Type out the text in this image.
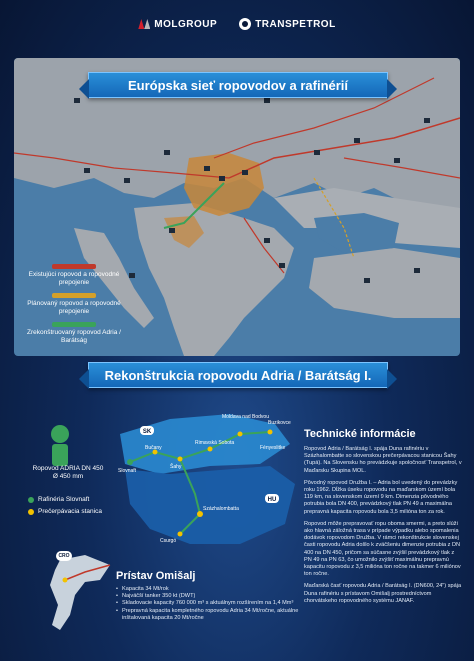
MOLGROUP	TRANSPETROL
Európska sieť ropovodov a rafinérií
Existujúci ropovod a ropovodné prepojenie
Plánovaný ropovod a ropovodné prepojenie
Zrekonštruovaný ropovod Adria / Barátság
Rekonštrukcia ropovodu Adria / Barátság I.
Ropovod ADRIA DN 450
Ø 450 mm
Rafinéria Slovnaft
Prečerpávacia stanica
SK
HU
Moldava nad Bodvou
Buzikovce
Rimavská Sobota
Bučany
Šahy
Slovnaft
Fényeslitke
Százhalombatta
Csurgó
Technické informácie

Ropovod Adria / Barátság I. spája Duna rafinériu v Százhalombatte so slovenskou prečerpávacou stanicou Šahy (Tupá). Na Slovensku ho prevádzkuje spoločnosť Transpetrol, v Maďarsku Skupina MOL.

Pôvodný ropovod Družba I. – Adria bol uvedený do prevádzky roku 1962. Dĺžka úseku ropovodu na maďarskom území bola 119 km, na slovenskom území 9 km. Dimenzia pôvodného potrubia bola DN 400, prevádzkový tlak PN 49 a maximálna prepravná kapacita ropovodu bola 3,5 milióna ton za rok.

Ropovod môže prepravovať ropu oboma smermi, a preto slúži ako hlavná záložná trasa v prípade výpadku alebo spomalenia dodávok ropovodom Družba. V rámci rekonštrukcie slovenskej časti ropovodu Adria došlo k zväčšeniu dimenzie potrubia z DN 400 na DN 450, pričom sa súčasne zvýšil prevádzkový tlak z PN 49 na PN 63, čo umožnilo zvýšiť maximálnu prepravnú kapacitu ropovodu z 3,5 milióna ton ročne na takmer 6 miliónov ton ročne.

Maďarská časť ropovodu Adria / Barátság I. (DN600, 24") spája Duna rafinériu s prístavom Omišalj prostredníctvom chorvátskeho ropovodného systému JANAF.

CRO
Prístav Omišalj
• Kapacita 34 Mt/rok
• Najväčší tanker 350 kt (DWT)
• Skladovacie kapacity 760 000 m³ s aktuálnym rozšírením na 1,4 Mm³
• Prepravná kapacita kompletného ropovodu Adria 34 Mt/ročne, aktuálne inštalovaná kapacita 20 Mt/ročne
